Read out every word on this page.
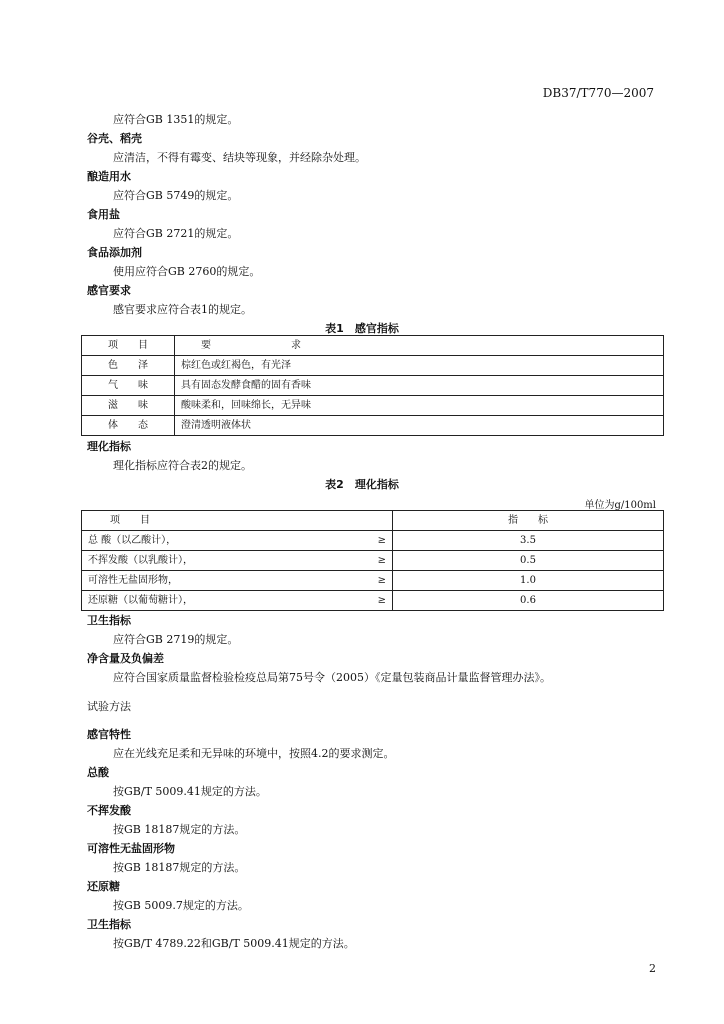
DB37/T770—2007
应符合GB 1351的规定。
谷壳、稻壳
应清洁，不得有霉变、结块等现象，并经除杂处理。
酿造用水
应符合GB 5749的规定。
食用盐
应符合GB 2721的规定。
食品添加剂
使用应符合GB 2760的规定。
感官要求
感官要求应符合表1的规定。
表1　感官指标
项　　目	要　　　　　　　　求
色　　泽	棕红色或红褐色，有光泽
气　　味	具有固态发酵食醋的固有香味
滋　　味	酸味柔和，回味绵长，无异味
体　　态	澄清透明液体状
理化指标
理化指标应符合表2的规定。
表2　理化指标
单位为g/100ml
项　　目	指　　标

总 酸（以乙酸计）， ≥	3.5

不挥发酸（以乳酸计）， ≥	0.5

可溶性无盐固形物， ≥	1.0

还原糖（以葡萄糖计）， ≥	0.6
卫生指标
应符合GB 2719的规定。
净含量及负偏差
应符合国家质量监督检验检疫总局第75号令（2005）《定量包装商品计量监督管理办法》。
试验方法
感官特性
应在光线充足柔和无异味的环境中，按照4.2的要求测定。
总酸
按GB/T 5009.41规定的方法。
不挥发酸
按GB 18187规定的方法。
可溶性无盐固形物
按GB 18187规定的方法。
还原糖
按GB 5009.7规定的方法。
卫生指标
按GB/T 4789.22和GB/T 5009.41规定的方法。
2
